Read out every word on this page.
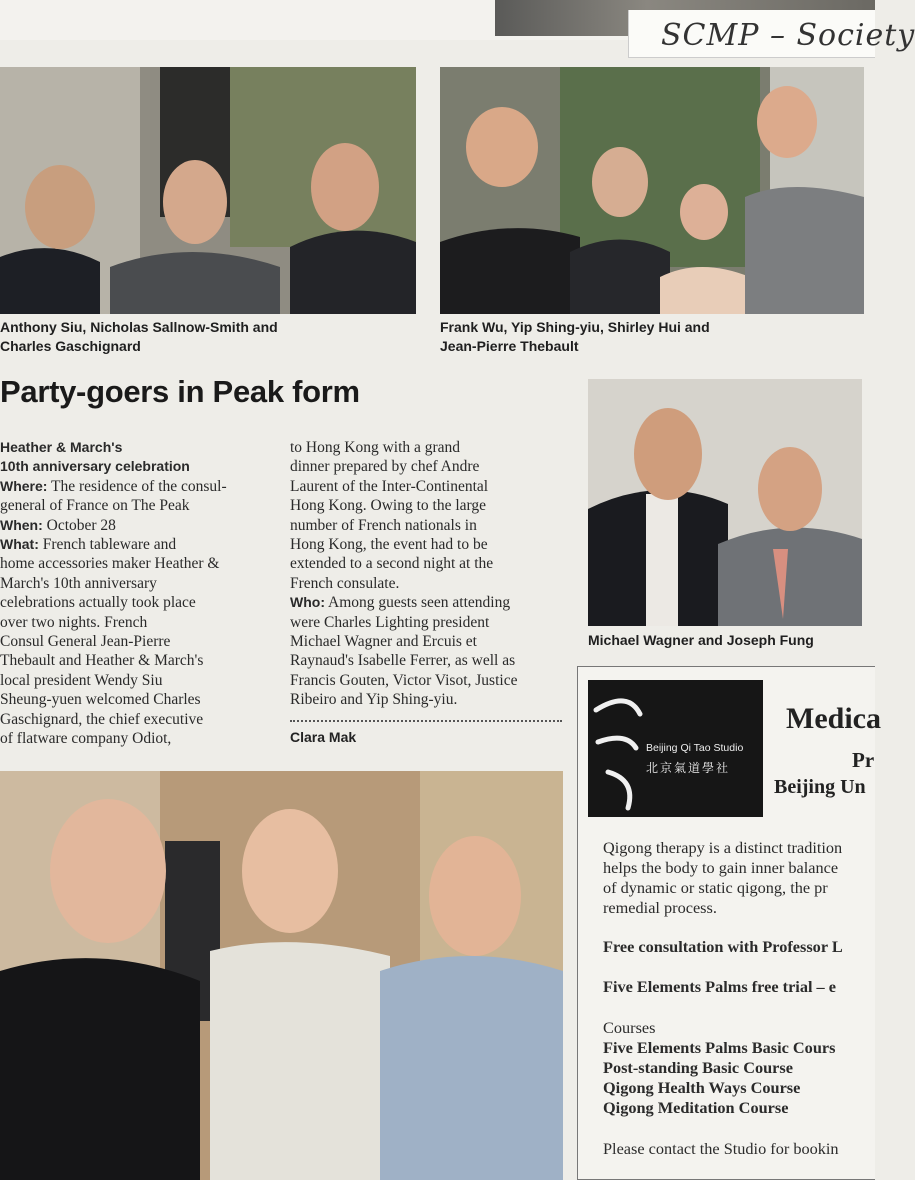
SCMP – Society
Anthony Siu, Nicholas Sallnow-Smith and
Charles Gaschignard
Frank Wu, Yip Shing-yiu, Shirley Hui and
Jean-Pierre Thebault
Party-goers in Peak form
Heather & March's
10th anniversary celebration
Where: The residence of the consul-
general of France on The Peak
When: October 28
What: French tableware and
home accessories maker Heather &
March's 10th anniversary
celebrations actually took place
over two nights. French
Consul General Jean-Pierre
Thebault and Heather & March's
local president Wendy Siu
Sheung-yuen welcomed Charles
Gaschignard, the chief executive
of flatware company Odiot,
to Hong Kong with a grand
dinner prepared by chef Andre
Laurent of the Inter-Continental
Hong Kong. Owing to the large
number of French nationals in
Hong Kong, the event had to be
extended to a second night at the
French consulate.
Who: Among guests seen attending
were Charles Lighting president
Michael Wagner and Ercuis et
Raynaud's Isabelle Ferrer, as well as
Francis Gouten, Victor Visot, Justice
Ribeiro and Yip Shing-yiu.
Clara Mak
Michael Wagner and Joseph Fung
Beijing Qi Tao Studio
北京氣道學社
Medica
Pr
Beijing Un
Qigong therapy is a distinct tradition
helps the body to gain inner balance
of dynamic or static qigong, the pr
remedial process.
Free consultation with Professor L
Five Elements Palms free trial – e
Courses
Five Elements Palms Basic Cours
Post-standing Basic Course
Qigong Health Ways Course
Qigong Meditation Course
Please contact the Studio for bookin
